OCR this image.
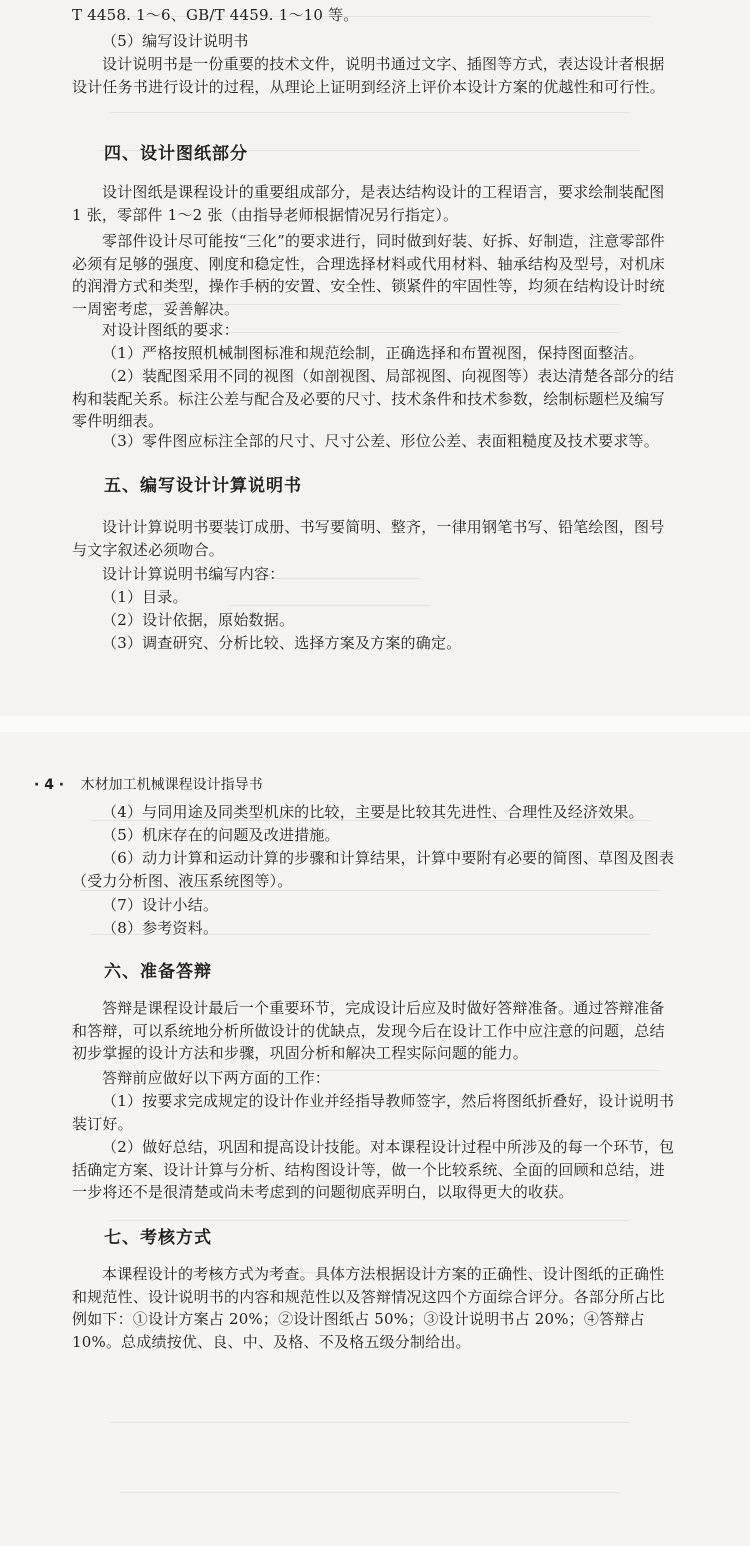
T 4458. 1～6、GB/T 4459. 1～10 等。

（5）编写设计说明书

设计说明书是一份重要的技术文件，说明书通过文字、插图等方式，表达设计者根据设计任务书进行设计的过程，从理论上证明到经济上评价本设计方案的优越性和可行性。

四、设计图纸部分

设计图纸是课程设计的重要组成部分，是表达结构设计的工程语言，要求绘制装配图 1 张，零部件 1～2 张（由指导老师根据情况另行指定）。

零部件设计尽可能按“三化”的要求进行，同时做到好装、好拆、好制造，注意零部件必须有足够的强度、刚度和稳定性，合理选择材料或代用材料、轴承结构及型号，对机床的润滑方式和类型，操作手柄的安置、安全性、锁紧件的牢固性等，均须在结构设计时统一周密考虑，妥善解决。

对设计图纸的要求：

（1）严格按照机械制图标准和规范绘制，正确选择和布置视图，保持图面整洁。

（2）装配图采用不同的视图（如剖视图、局部视图、向视图等）表达清楚各部分的结构和装配关系。标注公差与配合及必要的尺寸、技术条件和技术参数，绘制标题栏及编写零件明细表。

（3）零件图应标注全部的尺寸、尺寸公差、形位公差、表面粗糙度及技术要求等。

五、编写设计计算说明书

设计计算说明书要装订成册、书写要简明、整齐，一律用钢笔书写、铅笔绘图，图号与文字叙述必须吻合。

设计计算说明书编写内容：

（1）目录。

（2）设计依据，原始数据。

（3）调查研究、分析比较、选择方案及方案的确定。

· 4 · 木材加工机械课程设计指导书

（4）与同用途及同类型机床的比较，主要是比较其先进性、合理性及经济效果。

（5）机床存在的问题及改进措施。

（6）动力计算和运动计算的步骤和计算结果，计算中要附有必要的简图、草图及图表（受力分析图、液压系统图等）。

（7）设计小结。

（8）参考资料。

六、准备答辩

答辩是课程设计最后一个重要环节，完成设计后应及时做好答辩准备。通过答辩准备和答辩，可以系统地分析所做设计的优缺点，发现今后在设计工作中应注意的问题，总结初步掌握的设计方法和步骤，巩固分析和解决工程实际问题的能力。

答辩前应做好以下两方面的工作：

（1）按要求完成规定的设计作业并经指导教师签字，然后将图纸折叠好，设计说明书装订好。

（2）做好总结，巩固和提高设计技能。对本课程设计过程中所涉及的每一个环节，包括确定方案、设计计算与分析、结构图设计等，做一个比较系统、全面的回顾和总结，进一步将还不是很清楚或尚未考虑到的问题彻底弄明白，以取得更大的收获。

七、考核方式

本课程设计的考核方式为考查。具体方法根据设计方案的正确性、设计图纸的正确性和规范性、设计说明书的内容和规范性以及答辩情况这四个方面综合评分。各部分所占比例如下：①设计方案占 20%；②设计图纸占 50%；③设计说明书占 20%；④答辩占 10%。总成绩按优、良、中、及格、不及格五级分制给出。
